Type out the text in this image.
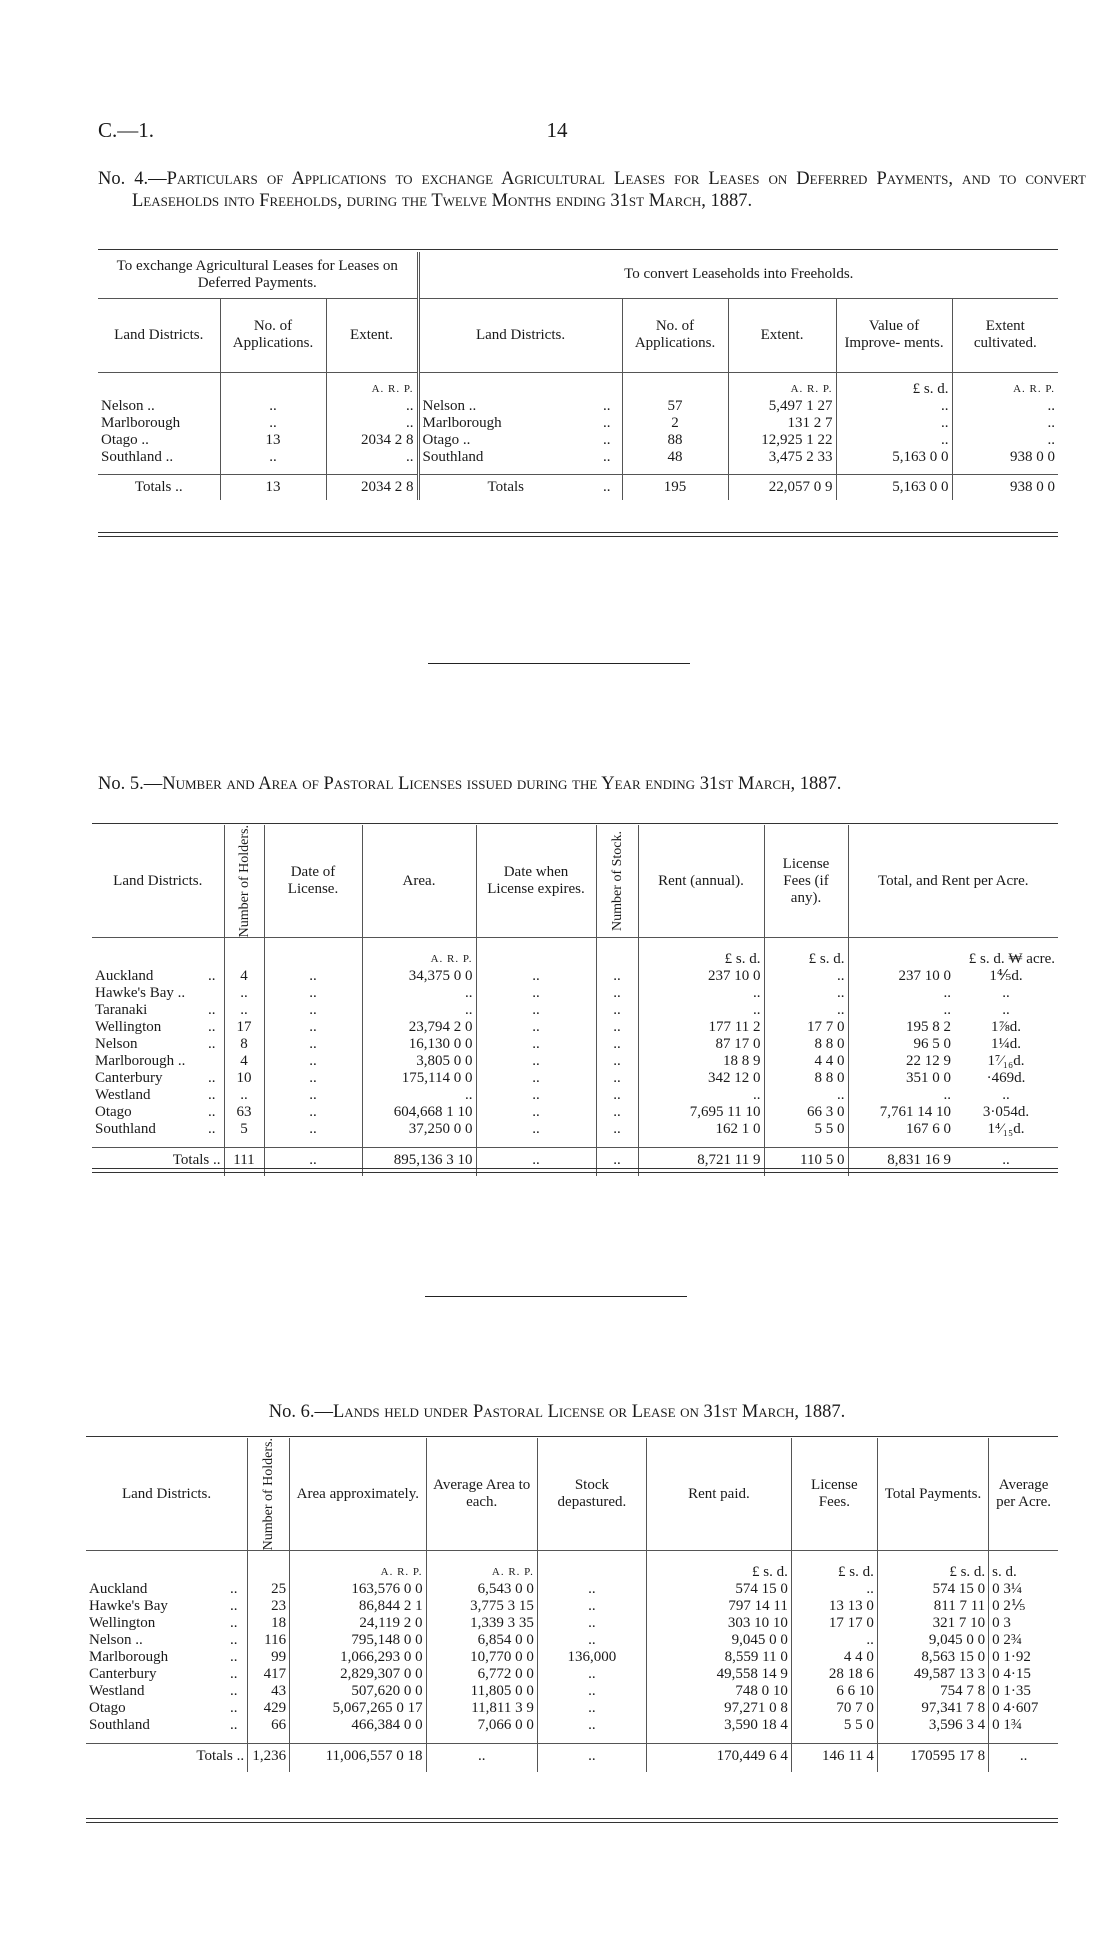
C.—1.	14
No. 4.—Particulars of Applications to exchange Agricultural Leases for Leases on Deferred Payments, and to convert Leaseholds into Freeholds, during the Twelve Months ending 31st March, 1887.
To exchange Agricultural Leases for Leases on Deferred Payments.			To convert Leaseholds into Freeholds.					
Land Districts.	No. of Applications.	Extent.	Land Districts.		No. of Applications.	Extent.	Value of Improve- ments.	Extent cultivated.
		A. R. P.				A. R. P.	£ s. d.	A. R. P.
Nelson ..	..	..	Nelson ..	..	57	5,497 1 27	..	..
Marlborough	..	..	Marlborough	..	2	131 2 7	..	..
Otago ..	13	2034 2 8	Otago ..	..	88	12,925 1 22	..	..
Southland ..	..	..	Southland	..	48	3,475 2 33	5,163 0 0	938 0 0

Totals ..	13	2034 2 8	Totals	..	195	22,057 0 9	5,163 0 0	938 0 0
No. 5.—Number and Area of Pastoral Licenses issued during the Year ending 31st March, 1887.
Land Districts.		Number of Holders.	Date of License.	Area.	Date when License expires.	Number of Stock.	Rent (annual).	License Fees (if any).	Total, and Rent per Acre.	
				A. R. P.			£ s. d.	£ s. d.	£ s. d. ₩ acre.	
Auckland	..	4	..	34,375 0 0	..	..	237 10 0	..	237 10 0	1⅘d.
Hawke's Bay ..		..	..	..	..	..	..	..	..	..
Taranaki	..	..	..	..	..	..	..	..	..	..
Wellington	..	17	..	23,794 2 0	..	..	177 11 2	17 7 0	195 8 2	1⅞d.
Nelson	..	8	..	16,130 0 0	..	..	87 17 0	8 8 0	96 5 0	1¼d.
Marlborough ..		4	..	3,805 0 0	..	..	18 8 9	4 4 0	22 12 9	1⁷⁄₁₆d.
Canterbury	..	10	..	175,114 0 0	..	..	342 12 0	8 8 0	351 0 0	·469d.
Westland	..	..	..	..	..	..	..	..	..	..
Otago	..	63	..	604,668 1 10	..	..	7,695 11 10	66 3 0	7,761 14 10	3·054d.
Southland	..	5	..	37,250 0 0	..	..	162 1 0	5 5 0	167 6 0	1⁴⁄₁₅d.

Totals ..		111	..	895,136 3 10	..	..	8,721 11 9	110 5 0	8,831 16 9	..
No. 6.—Lands held under Pastoral License or Lease on 31st March, 1887.
Land Districts.		Number of Holders.	Area approximately.	Average Area to each.	Stock depastured.	Rent paid.	License Fees.	Total Payments.	Average per Acre.
			A. R. P.	A. R. P.		£ s. d.	£ s. d.	£ s. d.	s. d.
Auckland	..	25	163,576 0 0	6,543 0 0	..	574 15 0	..	574 15 0	0 3¼
Hawke's Bay	..	23	86,844 2 1	3,775 3 15	..	797 14 11	13 13 0	811 7 11	0 2⅕
Wellington	..	18	24,119 2 0	1,339 3 35	..	303 10 10	17 17 0	321 7 10	0 3
Nelson ..	..	116	795,148 0 0	6,854 0 0	..	9,045 0 0	..	9,045 0 0	0 2¾
Marlborough	..	99	1,066,293 0 0	10,770 0 0	136,000	8,559 11 0	4 4 0	8,563 15 0	0 1·92
Canterbury	..	417	2,829,307 0 0	6,772 0 0	..	49,558 14 9	28 18 6	49,587 13 3	0 4·15
Westland	..	43	507,620 0 0	11,805 0 0	..	748 0 10	6 6 10	754 7 8	0 1·35
Otago	..	429	5,067,265 0 17	11,811 3 9	..	97,271 0 8	70 7 0	97,341 7 8	0 4·607
Southland	..	66	466,384 0 0	7,066 0 0	..	3,590 18 4	5 5 0	3,596 3 4	0 1¾

Totals ..		1,236	11,006,557 0 18	..	..	170,449 6 4	146 11 4	170595 17 8	..
